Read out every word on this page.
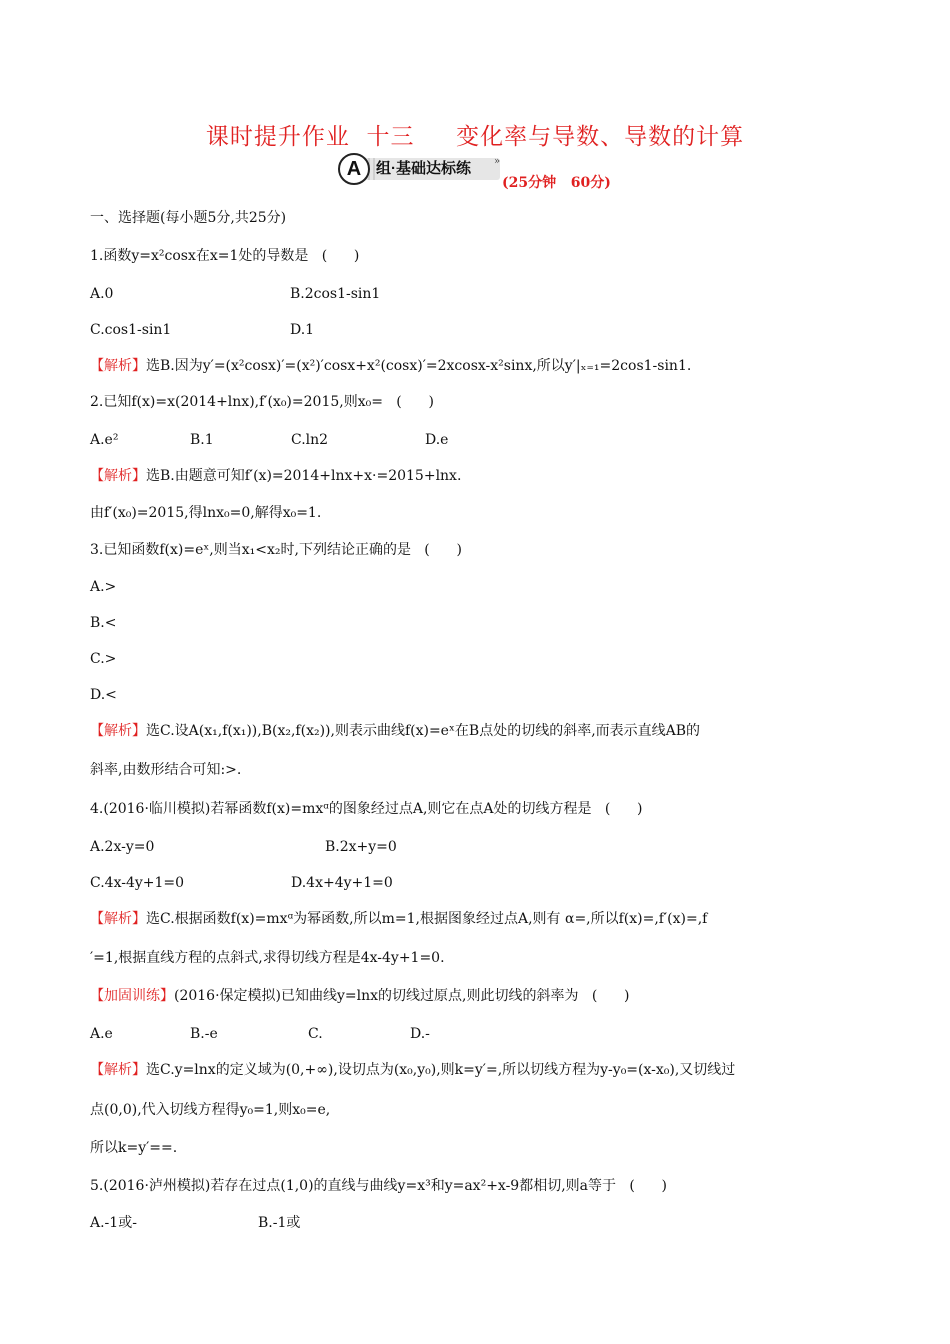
课时提升作业  十三     变化率与导数、导数的计算
A 组·基础达标练 »
(25分钟   60分)
一、选择题(每小题5分,共25分)
1.函数y=x²cosx在x=1处的导数是   (      )
A.0	B.2cos1-sin1
C.cos1-sin1	D.1
【解析】选B.因为y′=(x²cosx)′=(x²)′cosx+x²(cosx)′=2xcosx-x²sinx,所以y′|ₓ₌₁=2cos1-sin1.
2.已知f(x)=x(2014+lnx),f′(x₀)=2015,则x₀=   (      )
A.e²	B.1	C.ln2	D.e
【解析】选B.由题意可知f′(x)=2014+lnx+x·=2015+lnx.
由f′(x₀)=2015,得lnx₀=0,解得x₀=1.
3.已知函数f(x)=eˣ,则当x₁<x₂时,下列结论正确的是   (      )
A.>
B.<
C.>
D.<
【解析】选C.设A(x₁,f(x₁)),B(x₂,f(x₂)),则表示曲线f(x)=eˣ在B点处的切线的斜率,而表示直线AB的
斜率,由数形结合可知:>.
4.(2016·临川模拟)若幂函数f(x)=mxᵅ的图象经过点A,则它在点A处的切线方程是   (      )
A.2x-y=0	B.2x+y=0
C.4x-4y+1=0	D.4x+4y+1=0
【解析】选C.根据函数f(x)=mxᵅ为幂函数,所以m=1,根据图象经过点A,则有 α=,所以f(x)=,f′(x)=,f
′=1,根据直线方程的点斜式,求得切线方程是4x-4y+1=0.
【加固训练】(2016·保定模拟)已知曲线y=lnx的切线过原点,则此切线的斜率为   (      )
A.e	B.-e	C.	D.-
【解析】选C.y=lnx的定义域为(0,+∞),设切点为(x₀,y₀),则k=y′=,所以切线方程为y-y₀=(x-x₀),又切线过
点(0,0),代入切线方程得y₀=1,则x₀=e,
所以k=y′==.
5.(2016·泸州模拟)若存在过点(1,0)的直线与曲线y=x³和y=ax²+x-9都相切,则a等于   (      )
A.-1或-	B.-1或
